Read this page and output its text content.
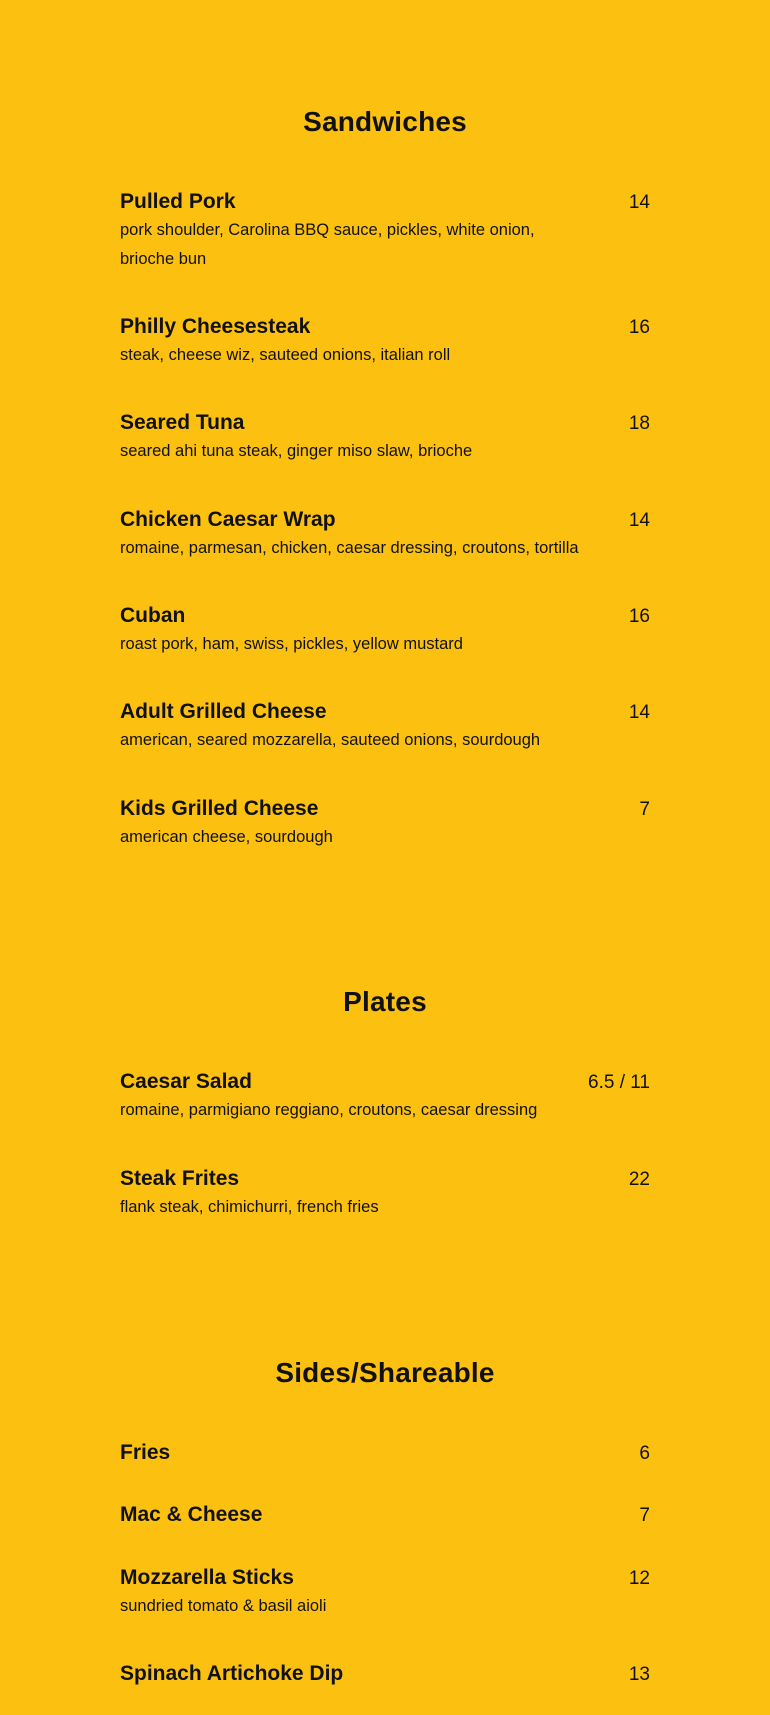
Sandwiches
Pulled Pork	14
pork shoulder, Carolina BBQ sauce, pickles, white onion, brioche bun
Philly Cheesesteak	16
steak, cheese wiz, sauteed onions, italian roll
Seared Tuna	18
seared ahi tuna steak, ginger miso slaw, brioche
Chicken Caesar Wrap	14
romaine, parmesan, chicken, caesar dressing, croutons, tortilla
Cuban	16
roast pork, ham, swiss, pickles, yellow mustard
Adult Grilled Cheese	14
american, seared mozzarella, sauteed onions, sourdough
Kids Grilled Cheese	7
american cheese, sourdough
Plates
Caesar Salad	6.5 / 11
romaine, parmigiano reggiano, croutons, caesar dressing
Steak Frites	22
flank steak, chimichurri, french fries
Sides/Shareable
Fries	6
Mac & Cheese	7
Mozzarella Sticks	12
sundried tomato & basil aioli
Spinach Artichoke Dip	13
